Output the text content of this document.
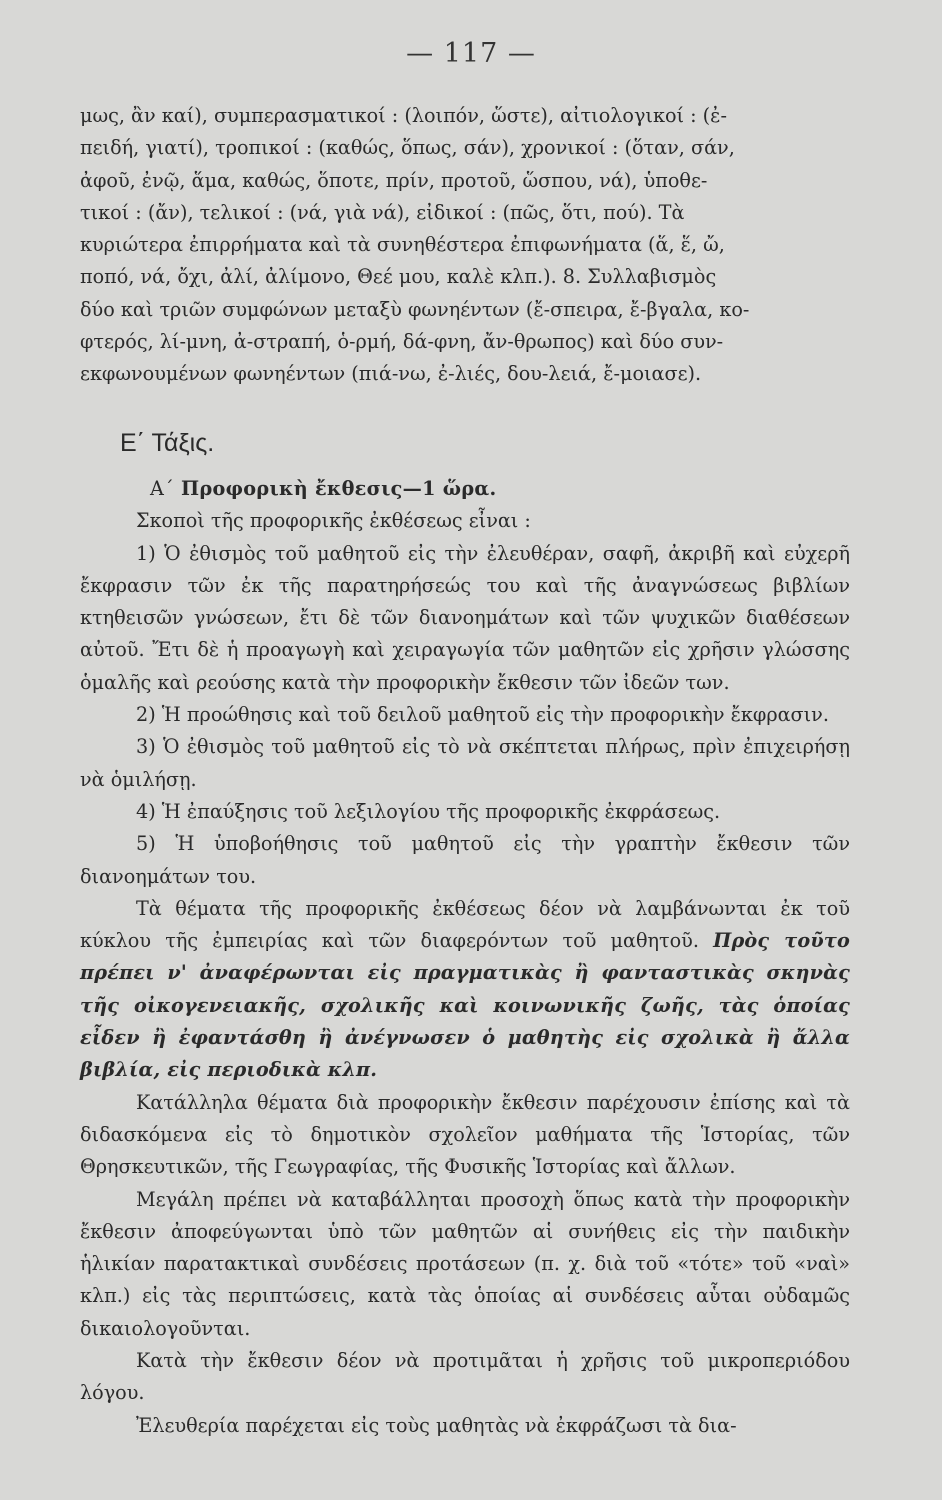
— 117 —

μως, ἂν καί), συμπερασματικοί : (λοιπόν, ὥστε), αἰτιολογικοί : (ἐ-
πειδή, γιατί), τροπικοί : (καθώς, ὅπως, σάν), χρονικοί : (ὅταν, σάν,
ἀφοῦ, ἐνῷ, ἅμα, καθώς, ὅποτε, πρίν, προτοῦ, ὥσπου, νά), ὑποθε-
τικοί : (ἄν), τελικοί : (νά, γιὰ νά), εἰδικοί : (πῶς, ὅτι, πού). Τὰ
κυριώτερα ἐπιρρήματα καὶ τὰ συνηθέστερα ἐπιφωνήματα (ἅ, ἕ, ὤ,
ποπό, νά, ὄχι, ἀλί, ἀλίμονο, Θεέ μου, καλὲ κλπ.). 8. Συλλαβισμὸς
δύο καὶ τριῶν συμφώνων μεταξὺ φωνηέντων (ἔ-σπειρα, ἔ-βγαλα, κο-
φτερός, λί-μνη, ἀ-στραπή, ὁ-ρμή, δά-φνη, ἄν-θρωπος) καὶ δύο συν-
εκφωνουμένων φωνηέντων (πιά-νω, ἐ-λιές, δου-λειά, ἔ-μοιασε).

Ε΄ Τάξις.

Α΄ Προφορικὴ ἔκθεσις—1 ὥρα.

Σκοποὶ τῆς προφορικῆς ἐκθέσεως εἶναι :

1) Ὁ ἐθισμὸς τοῦ μαθητοῦ εἰς τὴν ἐλευθέραν, σαφῆ, ἀκριβῆ καὶ εὐχερῆ ἔκφρασιν τῶν ἐκ τῆς παρατηρήσεώς του καὶ τῆς ἀναγνώσεως βιβλίων κτηθεισῶν γνώσεων, ἔτι δὲ τῶν διανοημάτων καὶ τῶν ψυχικῶν διαθέσεων αὐτοῦ. Ἔτι δὲ ἡ προαγωγὴ καὶ χειραγωγία τῶν μαθητῶν εἰς χρῆσιν γλώσσης ὁμαλῆς καὶ ρεούσης κατὰ τὴν προφορικὴν ἔκθεσιν τῶν ἰδεῶν των.

2) Ἡ προώθησις καὶ τοῦ δειλοῦ μαθητοῦ εἰς τὴν προφορικὴν ἔκφρασιν.

3) Ὁ ἐθισμὸς τοῦ μαθητοῦ εἰς τὸ νὰ σκέπτεται πλήρως, πρὶν ἐπιχειρήσῃ νὰ ὁμιλήσῃ.

4) Ἡ ἐπαύξησις τοῦ λεξιλογίου τῆς προφορικῆς ἐκφράσεως.

5) Ἡ ὑποβοήθησις τοῦ μαθητοῦ εἰς τὴν γραπτὴν ἔκθεσιν τῶν διανοημάτων του.

Τὰ θέματα τῆς προφορικῆς ἐκθέσεως δέον νὰ λαμβάνωνται ἐκ τοῦ κύκλου τῆς ἐμπειρίας καὶ τῶν διαφερόντων τοῦ μαθητοῦ. Πρὸς τοῦτο πρέπει ν' ἀναφέρωνται εἰς πραγματικὰς ἢ φανταστικὰς σκηνὰς τῆς οἰκογενειακῆς, σχολικῆς καὶ κοινωνικῆς ζωῆς, τὰς ὁποίας εἶδεν ἢ ἐφαντάσθη ἢ ἀνέγνωσεν ὁ μαθητὴς εἰς σχολικὰ ἢ ἄλλα βιβλία, εἰς περιοδικὰ κλπ.

Κατάλληλα θέματα διὰ προφορικὴν ἔκθεσιν παρέχουσιν ἐπίσης καὶ τὰ διδασκόμενα εἰς τὸ δημοτικὸν σχολεῖον μαθήματα τῆς Ἱστορίας, τῶν Θρησκευτικῶν, τῆς Γεωγραφίας, τῆς Φυσικῆς Ἱστορίας καὶ ἄλλων.

Μεγάλη πρέπει νὰ καταβάλληται προσοχὴ ὅπως κατὰ τὴν προφορικὴν ἔκθεσιν ἀποφεύγωνται ὑπὸ τῶν μαθητῶν αἱ συνήθεις εἰς τὴν παιδικὴν ἡλικίαν παρατακτικαὶ συνδέσεις προτάσεων (π. χ. διὰ τοῦ «τότε» τοῦ «ναὶ» κλπ.) εἰς τὰς περιπτώσεις, κατὰ τὰς ὁποίας αἱ συνδέσεις αὗται οὐδαμῶς δικαιολογοῦνται.

Κατὰ τὴν ἔκθεσιν δέον νὰ προτιμᾶται ἡ χρῆσις τοῦ μικροπεριόδου λόγου.

Ἐλευθερία παρέχεται εἰς τοὺς μαθητὰς νὰ ἐκφράζωσι τὰ δια-
